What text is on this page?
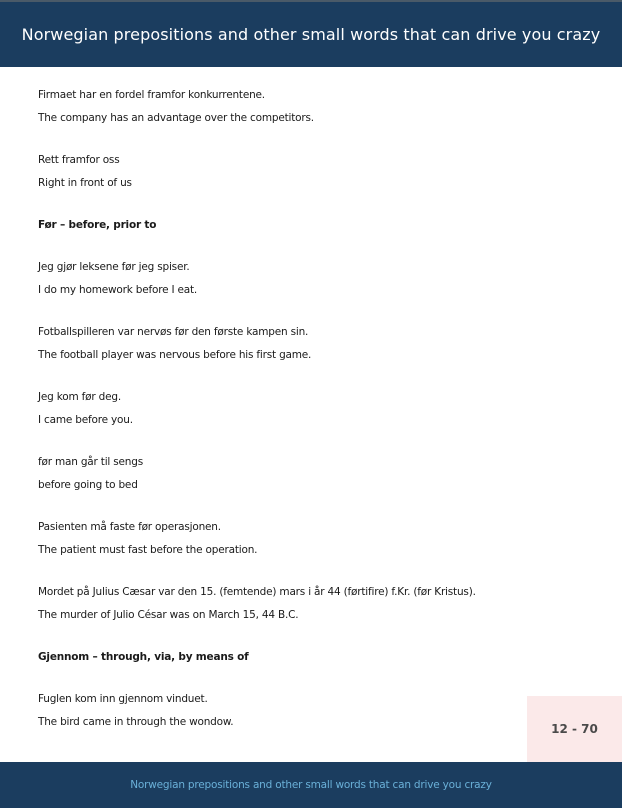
Norwegian prepositions and other small words that can drive you crazy
Firmaet har en fordel framfor konkurrentene.
The company has an advantage over the competitors.
Rett framfor oss
Right in front of us
Før – before, prior to
Jeg gjør leksene før jeg spiser.
I do my homework before I eat.
Fotballspilleren var nervøs før den første kampen sin.
The football player was nervous before his first game.
Jeg kom før deg.
I came before you.
før man går til sengs
before going to bed
Pasienten må faste før operasjonen.
The patient must fast before the operation.
Mordet på Julius Cæsar var den 15. (femtende) mars i år 44 (førtifire) f.Kr. (før Kristus).
The murder of Julio César was on March 15, 44 B.C.
Gjennom – through, via, by means of
Fuglen kom inn gjennom vinduet.
The bird came in through the wondow.	12 - 70
Norwegian prepositions and other small words that can drive you crazy
